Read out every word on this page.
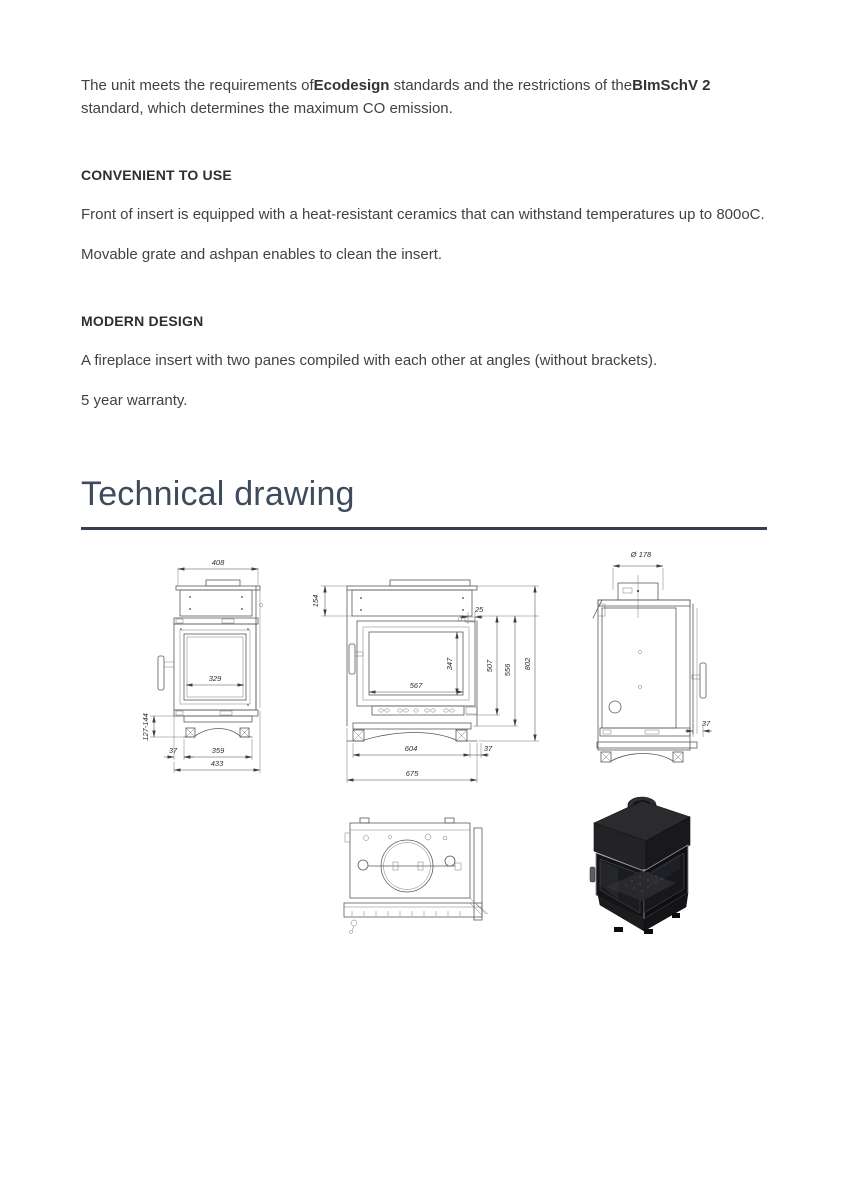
The unit meets the requirements ofEcodesign standards and the restrictions of theBImSchV 2 standard, which determines the maximum CO emission.

CONVENIENT TO USE

Front of insert is equipped with a heat-resistant ceramics that can withstand temperatures up to 800oC.

Movable grate and ashpan enables to clean the insert.

MODERN DESIGN

A fireplace insert with two panes compiled with each other at angles (without brackets).

5 year warranty.

Technical drawing
408
329
127-144
37	359
433
154
25
567
347	507 556 802
604	37
675
Ø 178
37
